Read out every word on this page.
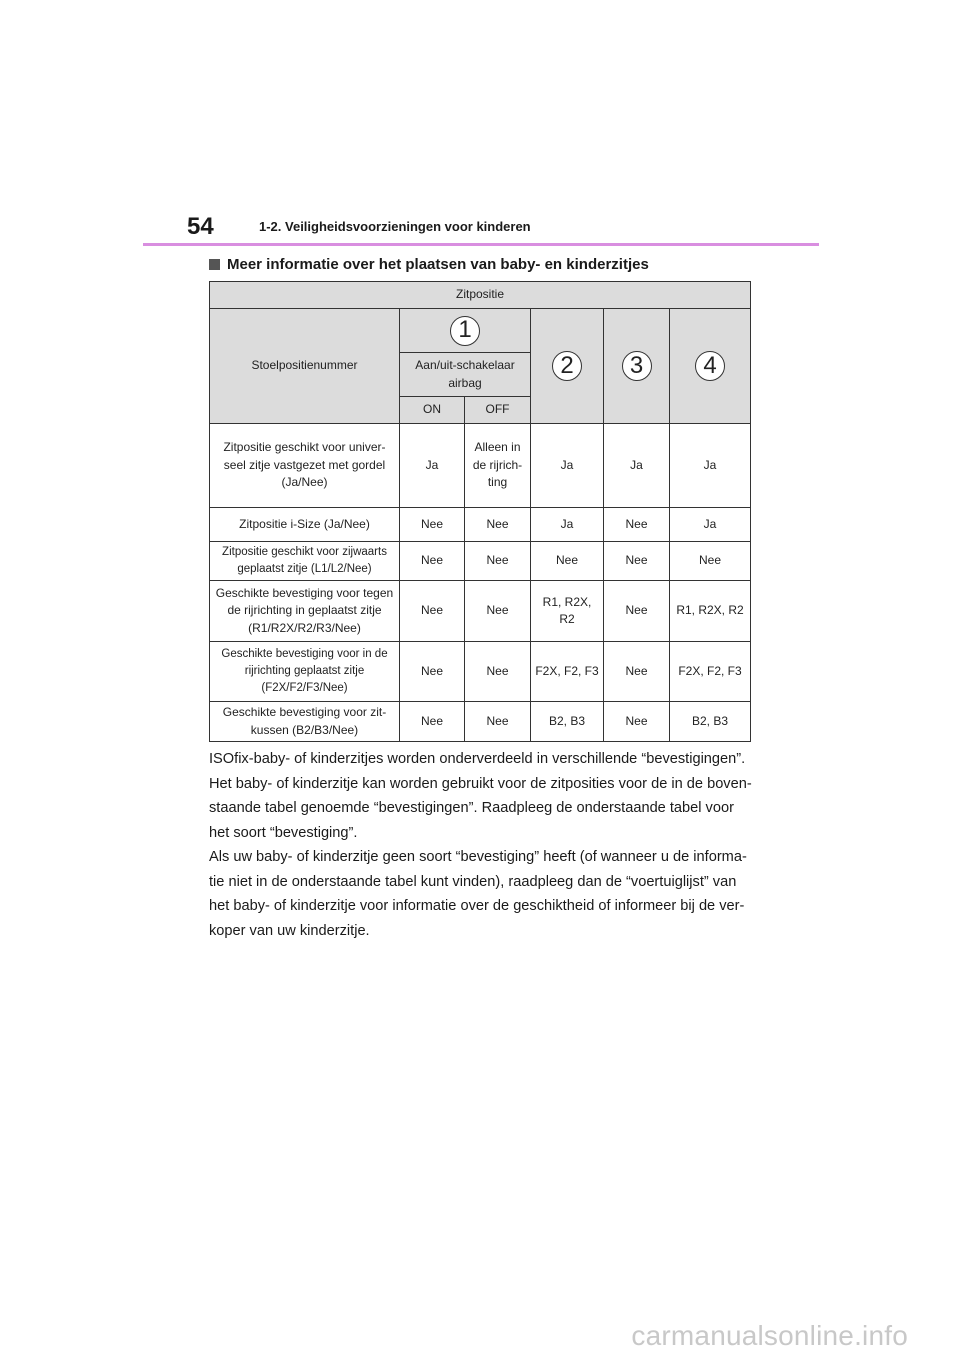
54	1-2. Veiligheidsvoorzieningen voor kinderen
Meer informatie over het plaatsen van baby- en kinderzitjes
Zitpositie					
Stoelpositienummer	1		2	3	4
	Aan/uit-schakelaar airbag				
	ON	OFF			
Zitpositie geschikt voor univer-seel zitje vastgezet met gordel (Ja/Nee)	Ja	Alleen in de rijrich-ting	Ja	Ja	Ja
Zitpositie i-Size (Ja/Nee)	Nee	Nee	Ja	Nee	Ja
Zitpositie geschikt voor zijwaarts geplaatst zitje (L1/L2/Nee)	Nee	Nee	Nee	Nee	Nee
Geschikte bevestiging voor tegen de rijrichting in geplaatst zitje (R1/R2X/R2/R3/Nee)	Nee	Nee	R1, R2X, R2	Nee	R1, R2X, R2
Geschikte bevestiging voor in de rijrichting geplaatst zitje (F2X/F2/F3/Nee)	Nee	Nee	F2X, F2, F3	Nee	F2X, F2, F3
Geschikte bevestiging voor zit-kussen (B2/B3/Nee)	Nee	Nee	B2, B3	Nee	B2, B3

ISOfix-baby- of kinderzitjes worden onderverdeeld in verschillende “bevestigingen”. Het baby- of kinderzitje kan worden gebruikt voor de zitposities voor de in de boven-staande tabel genoemde “bevestigingen”. Raadpleeg de onderstaande tabel voor het soort “bevestiging”.

Als uw baby- of kinderzitje geen soort “bevestiging” heeft (of wanneer u de informa-tie niet in de onderstaande tabel kunt vinden), raadpleeg dan de “voertuiglijst” van het baby- of kinderzitje voor informatie over de geschiktheid of informeer bij de ver-koper van uw kinderzitje.

carmanualsonline.info
